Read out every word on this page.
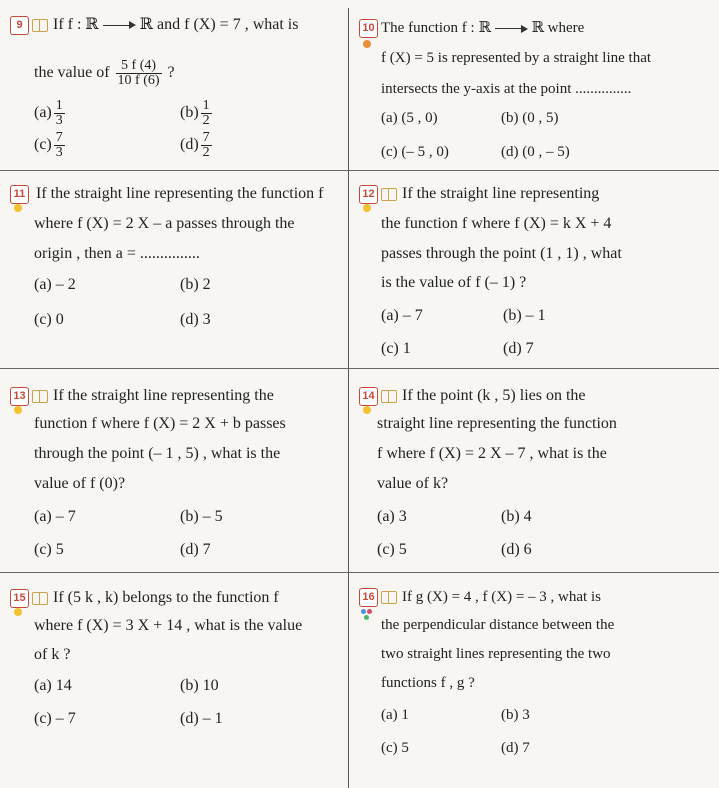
9 If f : ℝ	ℝ and f (X) = 7 , what is
the value of $\frac{5 f (4)}{10 f (6)}$ ?
$(a) \frac{1}{3}$	$(b) \frac{1}{2}$
$(c) \frac{7}{3}$	$(d) \frac{7}{2}$
10 The function f : ℝ	ℝ where
f (X) = 5 is represented by a straight line that
intersects the y-axis at the point ...............
(a) (5 , 0)	(b) (0 , 5)
(c) (– 5 , 0)	(d) (0 , – 5)
11 If the straight line representing the function f
where f (X) = 2 X – a passes through the
origin , then a = ...............
(a) – 2	(b) 2
(c) 0	(d) 3
12 If the straight line representing
the function f where f (X) = k X + 4
passes through the point (1 , 1) , what
is the value of f (– 1) ?
(a) – 7	(b) – 1
(c) 1	(d) 7
13 If the straight line representing the
function f where f (X) = 2 X + b passes
through the point (– 1 , 5) , what is the
value of f (0)?
(a) – 7	(b) – 5
(c) 5	(d) 7
14 If the point (k , 5) lies on the
straight line representing the function
f where f (X) = 2 X – 7 , what is the
value of k?
(a) 3	(b) 4
(c) 5	(d) 6
15 If (5 k , k) belongs to the function f
where f (X) = 3 X + 14 , what is the value
of k ?
(a) 14	(b) 10
(c) – 7	(d) – 1
16 If g (X) = 4 , f (X) = – 3 , what is
the perpendicular distance between the
two straight lines representing the two
functions f , g ?
(a) 1	(b) 3
(c) 5	(d) 7
